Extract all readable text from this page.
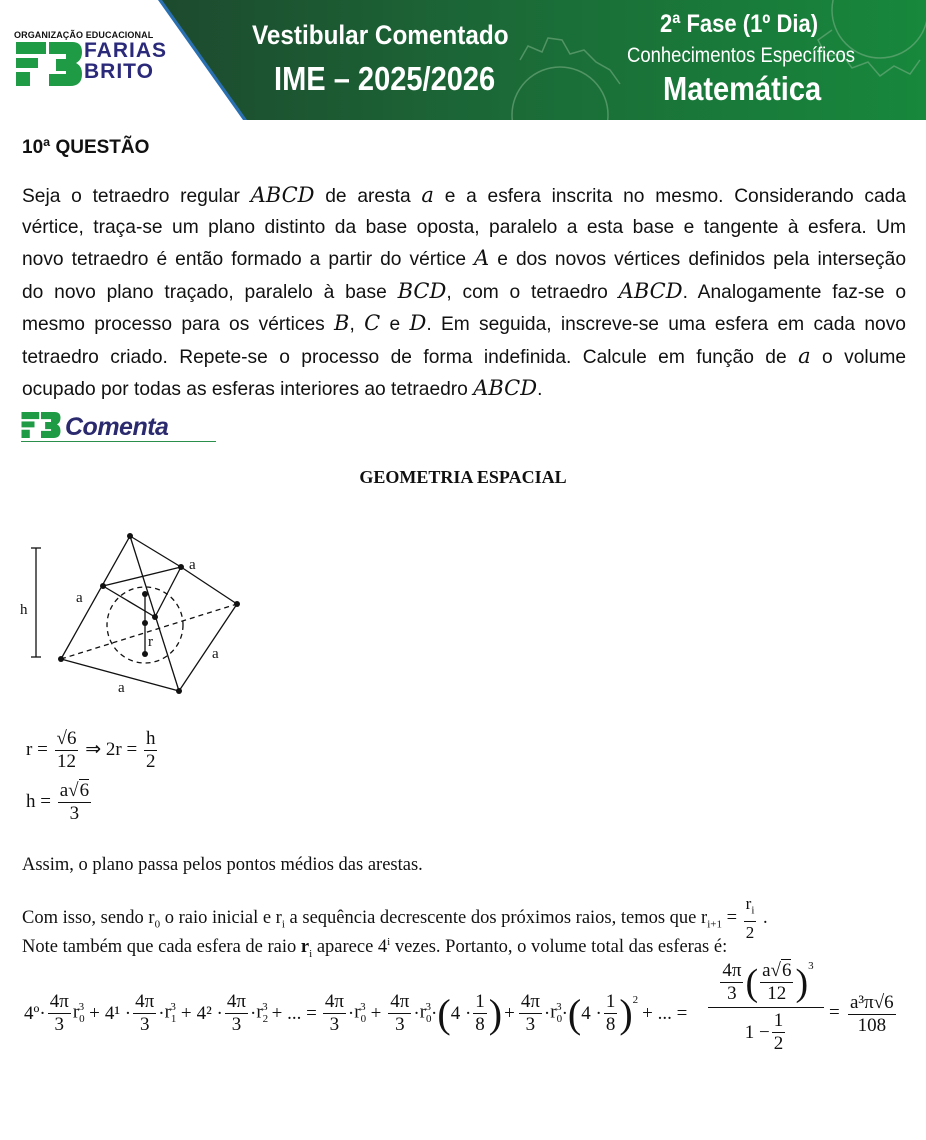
ORGANIZAÇÃO EDUCACIONAL
FARIAS
BRITO
Vestibular Comentado
IME – 2025/2026
2ª Fase (1º Dia)
Conhecimentos Específicos
Matemática
10ª QUESTÃO
Seja o tetraedro regular ABCD de aresta a e a esfera inscrita no mesmo. Considerando cada
vértice, traça-se um plano distinto da base oposta, paralelo a esta base e tangente à esfera. Um
novo tetraedro é então formado a partir do vértice A e dos novos vértices definidos pela interseção
do novo plano traçado, paralelo à base BCD, com o tetraedro ABCD. Analogamente faz-se o
mesmo processo para os vértices B, C e D. Em seguida, inscreve-se uma esfera em cada novo
tetraedro criado. Repete-se o processo de forma indefinida. Calcule em função de a o volume
ocupado por todas as esferas interiores ao tetraedro ABCD.
Comenta
GEOMETRIA ESPACIAL
a
a
a
a
h
r
$r = \frac{√6}{12}$ ⇒ $2r = \frac{h}{2}$
$h = \frac{a√6}{3}$
Assim, o plano passa pelos pontos médios das arestas.
Com isso, sendo $r_0$ o raio inicial e $r_i$ a sequência decrescente dos próximos raios, temos que $r_{i+1} = \frac{r_i}{2}$ .
Note também que cada esfera de raio $r_i$ aparece 4$^i$ vezes. Portanto, o volume total das esferas é:
4º· $\frac{4\pi}{3} r_0^3 + 4^1 \cdot \frac{4\pi}{3} \cdot r_1^3 + 4^2 \cdot \frac{4\pi}{3} \cdot r_2^3$ + ... = $\frac{4\pi}{3} \cdot r_0^3 + \frac{4\pi}{3} \cdot r_0^3$ · ( $4 \cdot \frac{1}{8}$ ) + $\frac{4\pi}{3} \cdot r_0^3$ · ( $4 \cdot \frac{1}{8} )^2$
+ ... =
$\frac{4\pi}{3}$ ( $\frac{a√6}{12} )^3$
$1 - \frac{1}{2} = \frac{\text{a³π√6}}{108}$
